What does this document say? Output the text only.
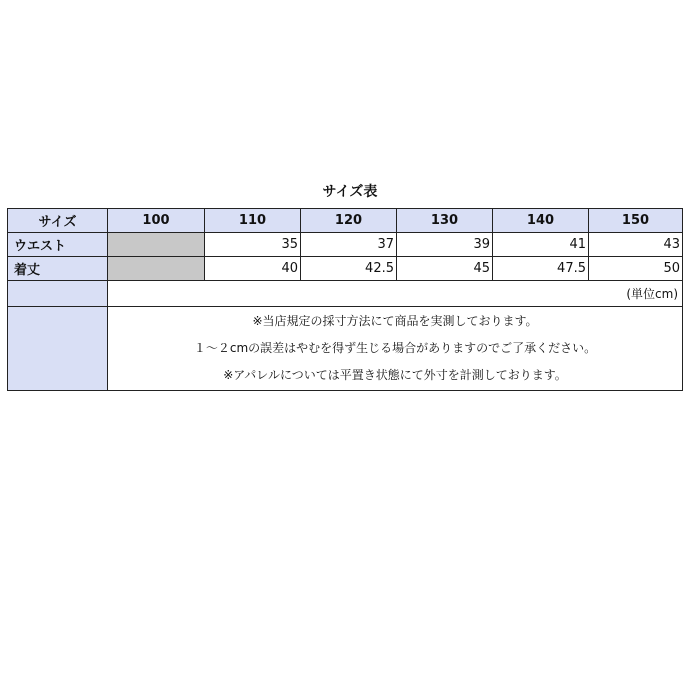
サイズ表
サイズ	100	110	120	130	140	150
ウエスト		35	37	39	41	43
着丈		40	42.5	45	47.5	50
	(単位cm)					

	※当店規定の採寸方法にて商品を実測しております。
１～２cmの誤差はやむを得ず生じる場合がありますのでご了承ください。
※アパレルについては平置き状態にて外寸を計測しております。					
